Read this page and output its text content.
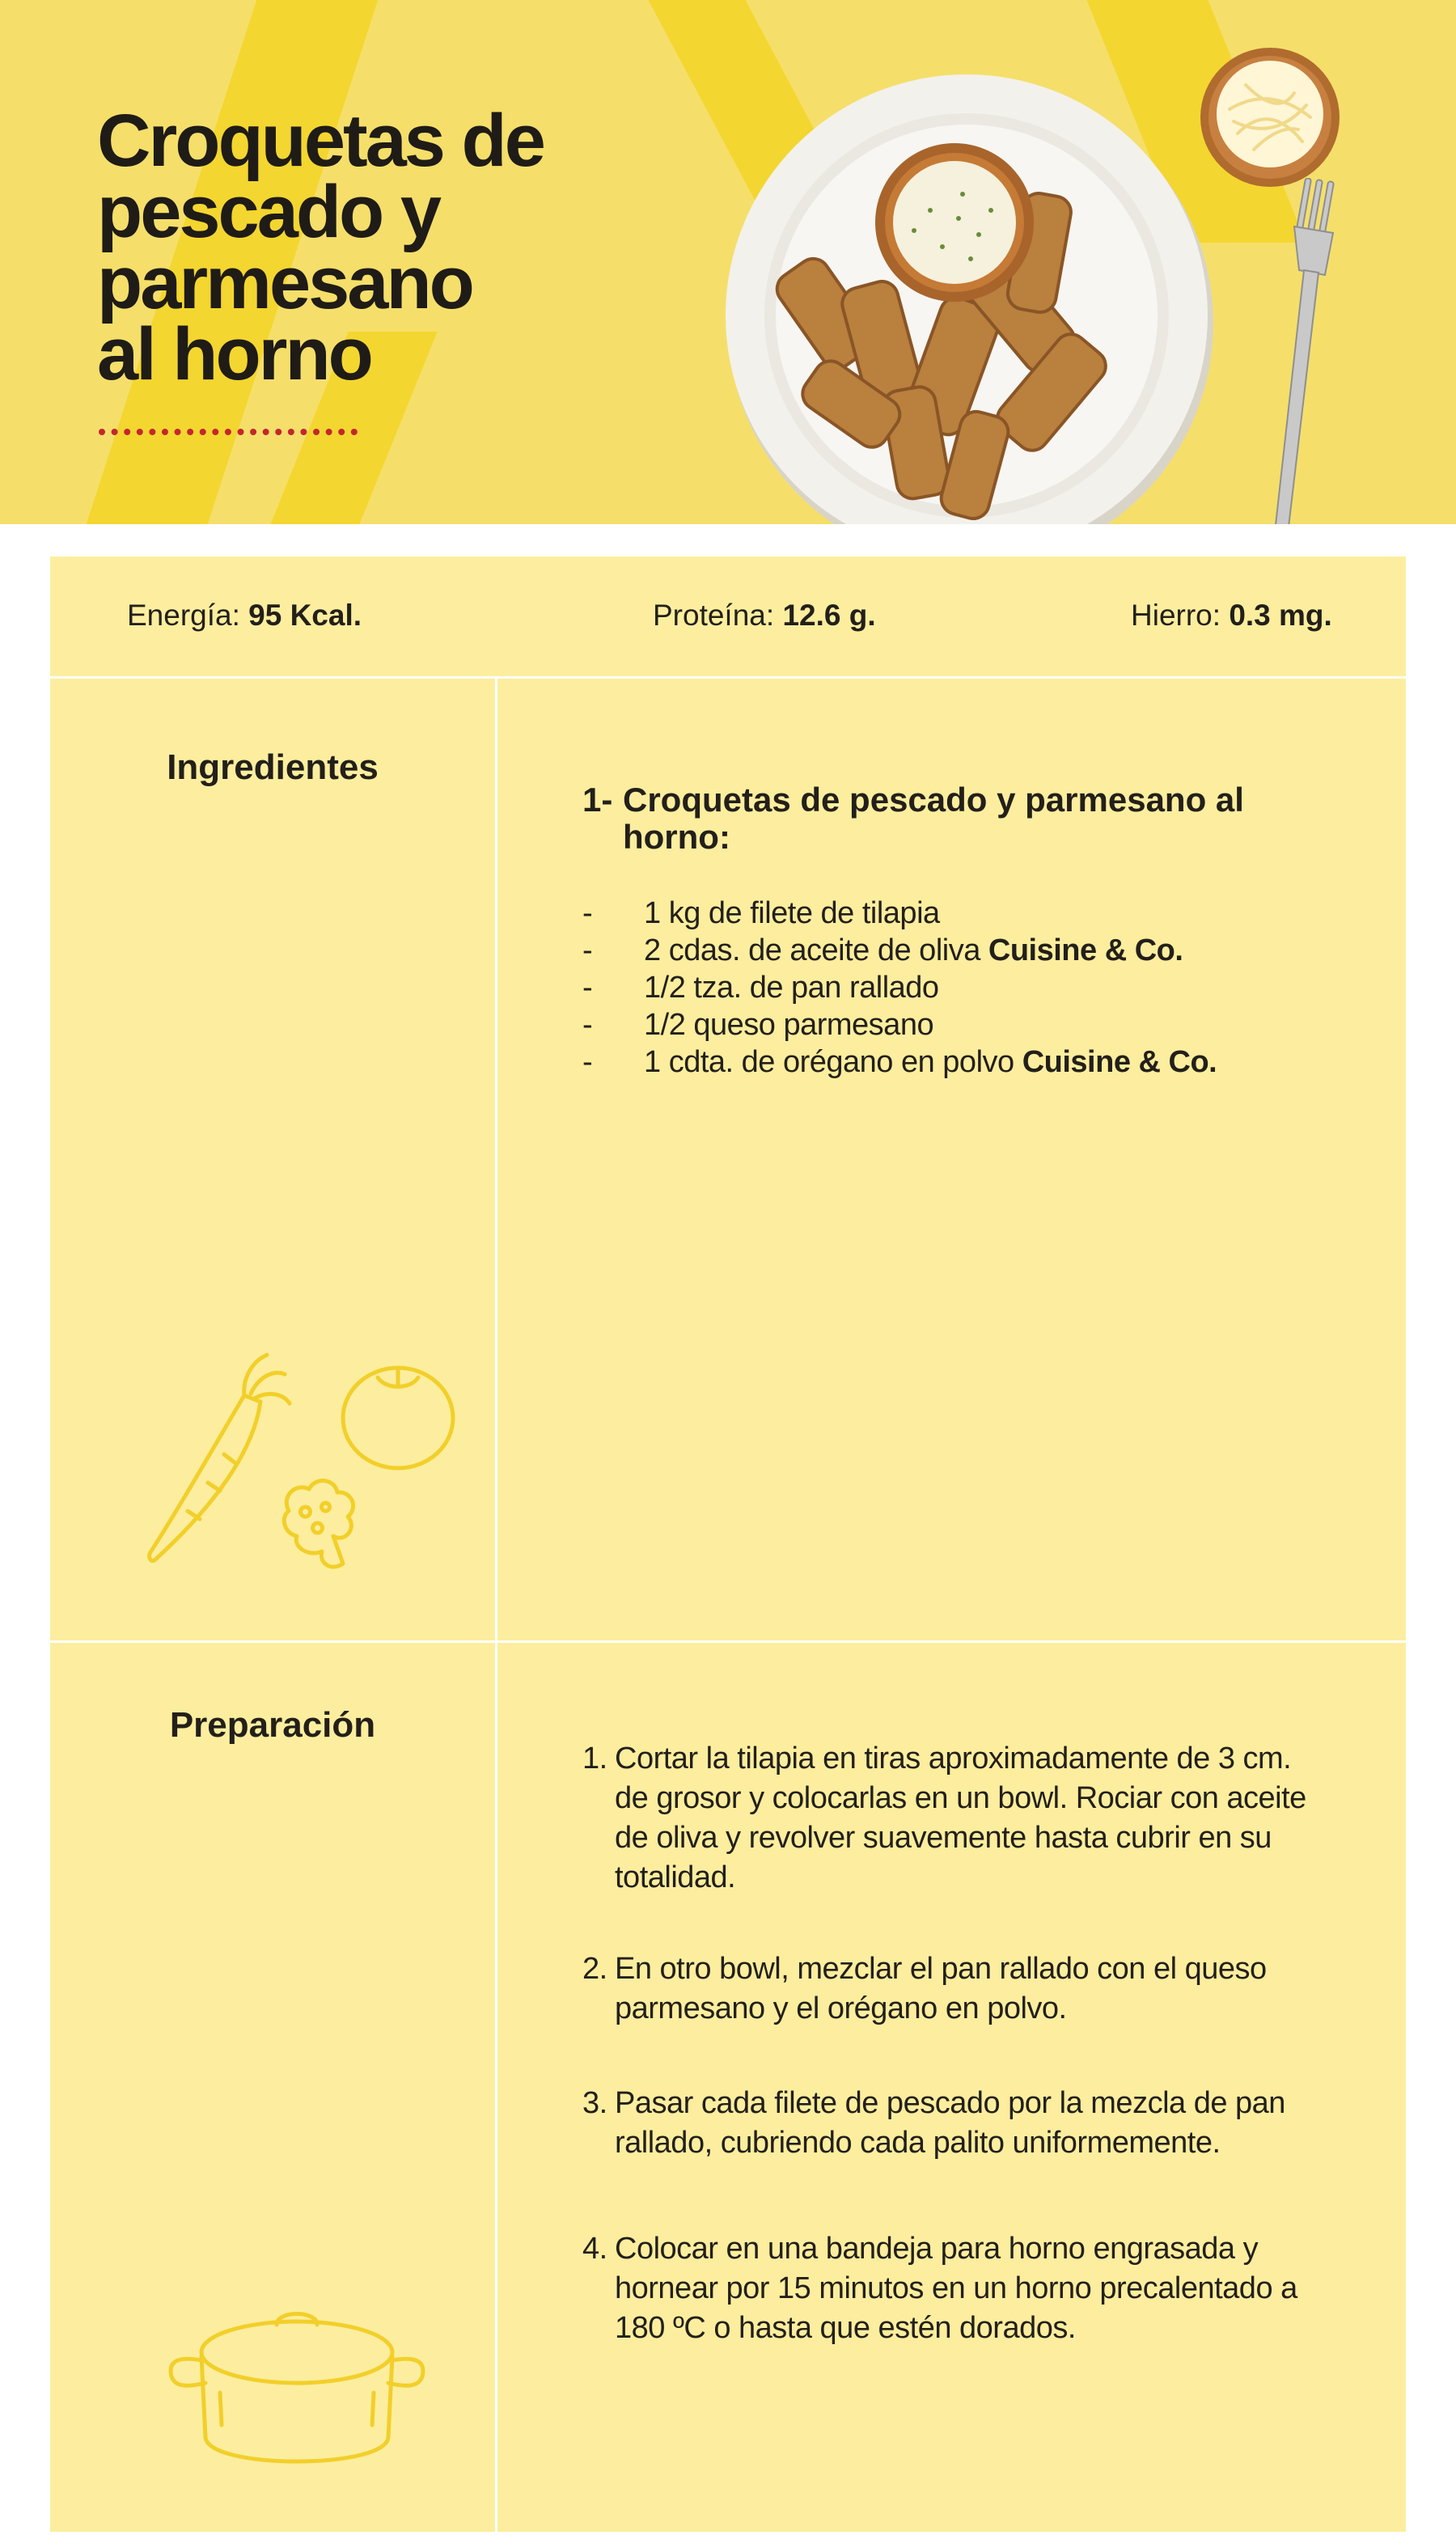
Croquetas de
pescado y
parmesano
al horno
Energía: 95 Kcal.	Proteína: 12.6 g.	Hierro: 0.3 mg.
Ingredientes
1- Croquetas de pescado y parmesano al horno:
- 1 kg de filete de tilapia
- 2 cdas. de aceite de oliva Cuisine & Co.
- 1/2 tza. de pan rallado
- 1/2 queso parmesano
- 1 cdta. de orégano en polvo Cuisine & Co.
Preparación
1. Cortar la tilapia en tiras aproximadamente de 3 cm. de grosor y colocarlas en un bowl. Rociar con aceite de oliva y revolver suavemente hasta cubrir en su totalidad.
2. En otro bowl, mezclar el pan rallado con el queso parmesano y el orégano en polvo.
3. Pasar cada filete de pescado por la mezcla de pan rallado, cubriendo cada palito uniformemente.
4. Colocar en una bandeja para horno engrasada y hornear por 15 minutos en un horno precalentado a 180 ºC o hasta que estén dorados.
